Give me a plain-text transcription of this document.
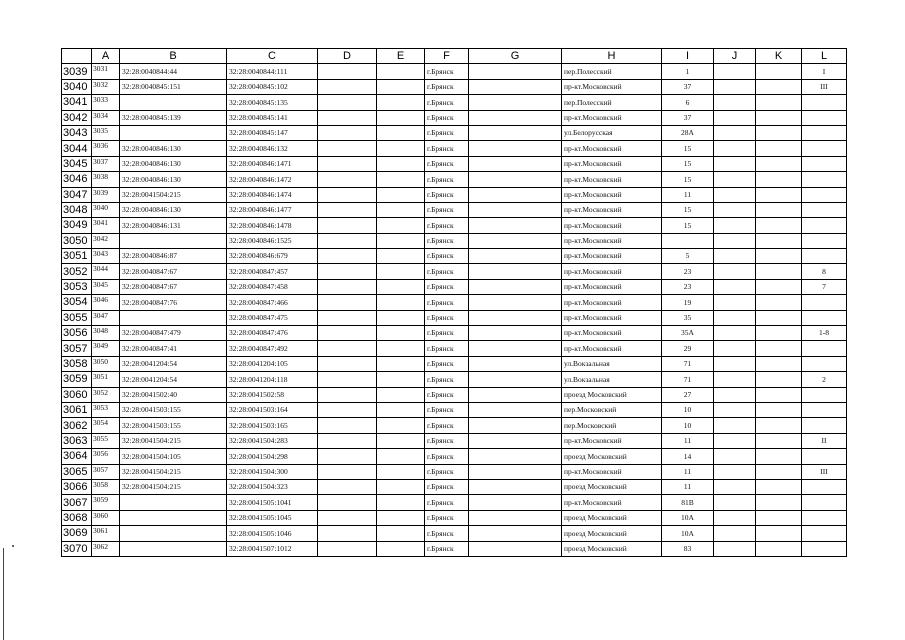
	A	B	C	D	E	F	G	H	I	J	K	L
3039	3031	32:28:0040844:44	32:28:0040844:111			г.Брянск		пер.Полесский	1			I
3040	3032	32:28:0040845:151	32:28:0040845:102			г.Брянск		пр-кт.Московский	37			III
3041	3033		32:28:0040845:135			г.Брянск		пер.Полесский	6			
3042	3034	32:28:0040845:139	32:28:0040845:141			г.Брянск		пр-кт.Московский	37			
3043	3035		32:28:0040845:147			г.Брянск		ул.Белорусская	28А			
3044	3036	32:28:0040846:130	32:28:0040846:132			г.Брянск		пр-кт.Московский	15			
3045	3037	32:28:0040846:130	32:28:0040846:1471			г.Брянск		пр-кт.Московский	15			
3046	3038	32:28:0040846:130	32:28:0040846:1472			г.Брянск		пр-кт.Московский	15			
3047	3039	32:28:0041504:215	32:28:0040846:1474			г.Брянск		пр-кт.Московский	11			
3048	3040	32:28:0040846:130	32:28:0040846:1477			г.Брянск		пр-кт.Московский	15			
3049	3041	32:28:0040846:131	32:28:0040846:1478			г.Брянск		пр-кт.Московский	15			
3050	3042		32:28:0040846:1525			г.Брянск		пр-кт.Московский				
3051	3043	32:28:0040846:87	32:28:0040846:679			г.Брянск		пр-кт.Московский	5			
3052	3044	32:28:0040847:67	32:28:0040847:457			г.Брянск		пр-кт.Московский	23			8
3053	3045	32:28:0040847:67	32:28:0040847:458			г.Брянск		пр-кт.Московский	23			7
3054	3046	32:28:0040847:76	32:28:0040847:466			г.Брянск		пр-кт.Московский	19			
3055	3047		32:28:0040847:475			г.Брянск		пр-кт.Московский	35			
3056	3048	32:28:0040847:479	32:28:0040847:476			г.Брянск		пр-кт.Московский	35А			1-8
3057	3049	32:28:0040847:41	32:28:0040847:492			г.Брянск		пр-кт.Московский	29			
3058	3050	32:28:0041204:54	32:28:0041204:105			г.Брянск		ул.Вокзальная	71			
3059	3051	32:28:0041204:54	32:28:0041204:118			г.Брянск		ул.Вокзальная	71			2
3060	3052	32:28:0041502:40	32:28:0041502:58			г.Брянск		проезд Московский	27			
3061	3053	32:28:0041503:155	32:28:0041503:164			г.Брянск		пер.Московский	10			
3062	3054	32:28:0041503:155	32:28:0041503:165			г.Брянск		пер.Московский	10			
3063	3055	32:28:0041504:215	32:28:0041504:283			г.Брянск		пр-кт.Московский	11			II
3064	3056	32:28:0041504:105	32:28:0041504:298			г.Брянск		проезд Московский	14			
3065	3057	32:28:0041504:215	32:28:0041504:300			г.Брянск		пр-кт.Московский	11			III
3066	3058	32:28:0041504:215	32:28:0041504:323			г.Брянск		проезд Московский	11			
3067	3059		32:28:0041505:1041			г.Брянск		пр-кт.Московский	81В			
3068	3060		32:28:0041505:1045			г.Брянск		проезд Московский	10А			
3069	3061		32:28:0041505:1046			г.Брянск		проезд Московский	10А			
3070	3062		32:28:0041507:1012			г.Брянск		проезд Московский	83			
